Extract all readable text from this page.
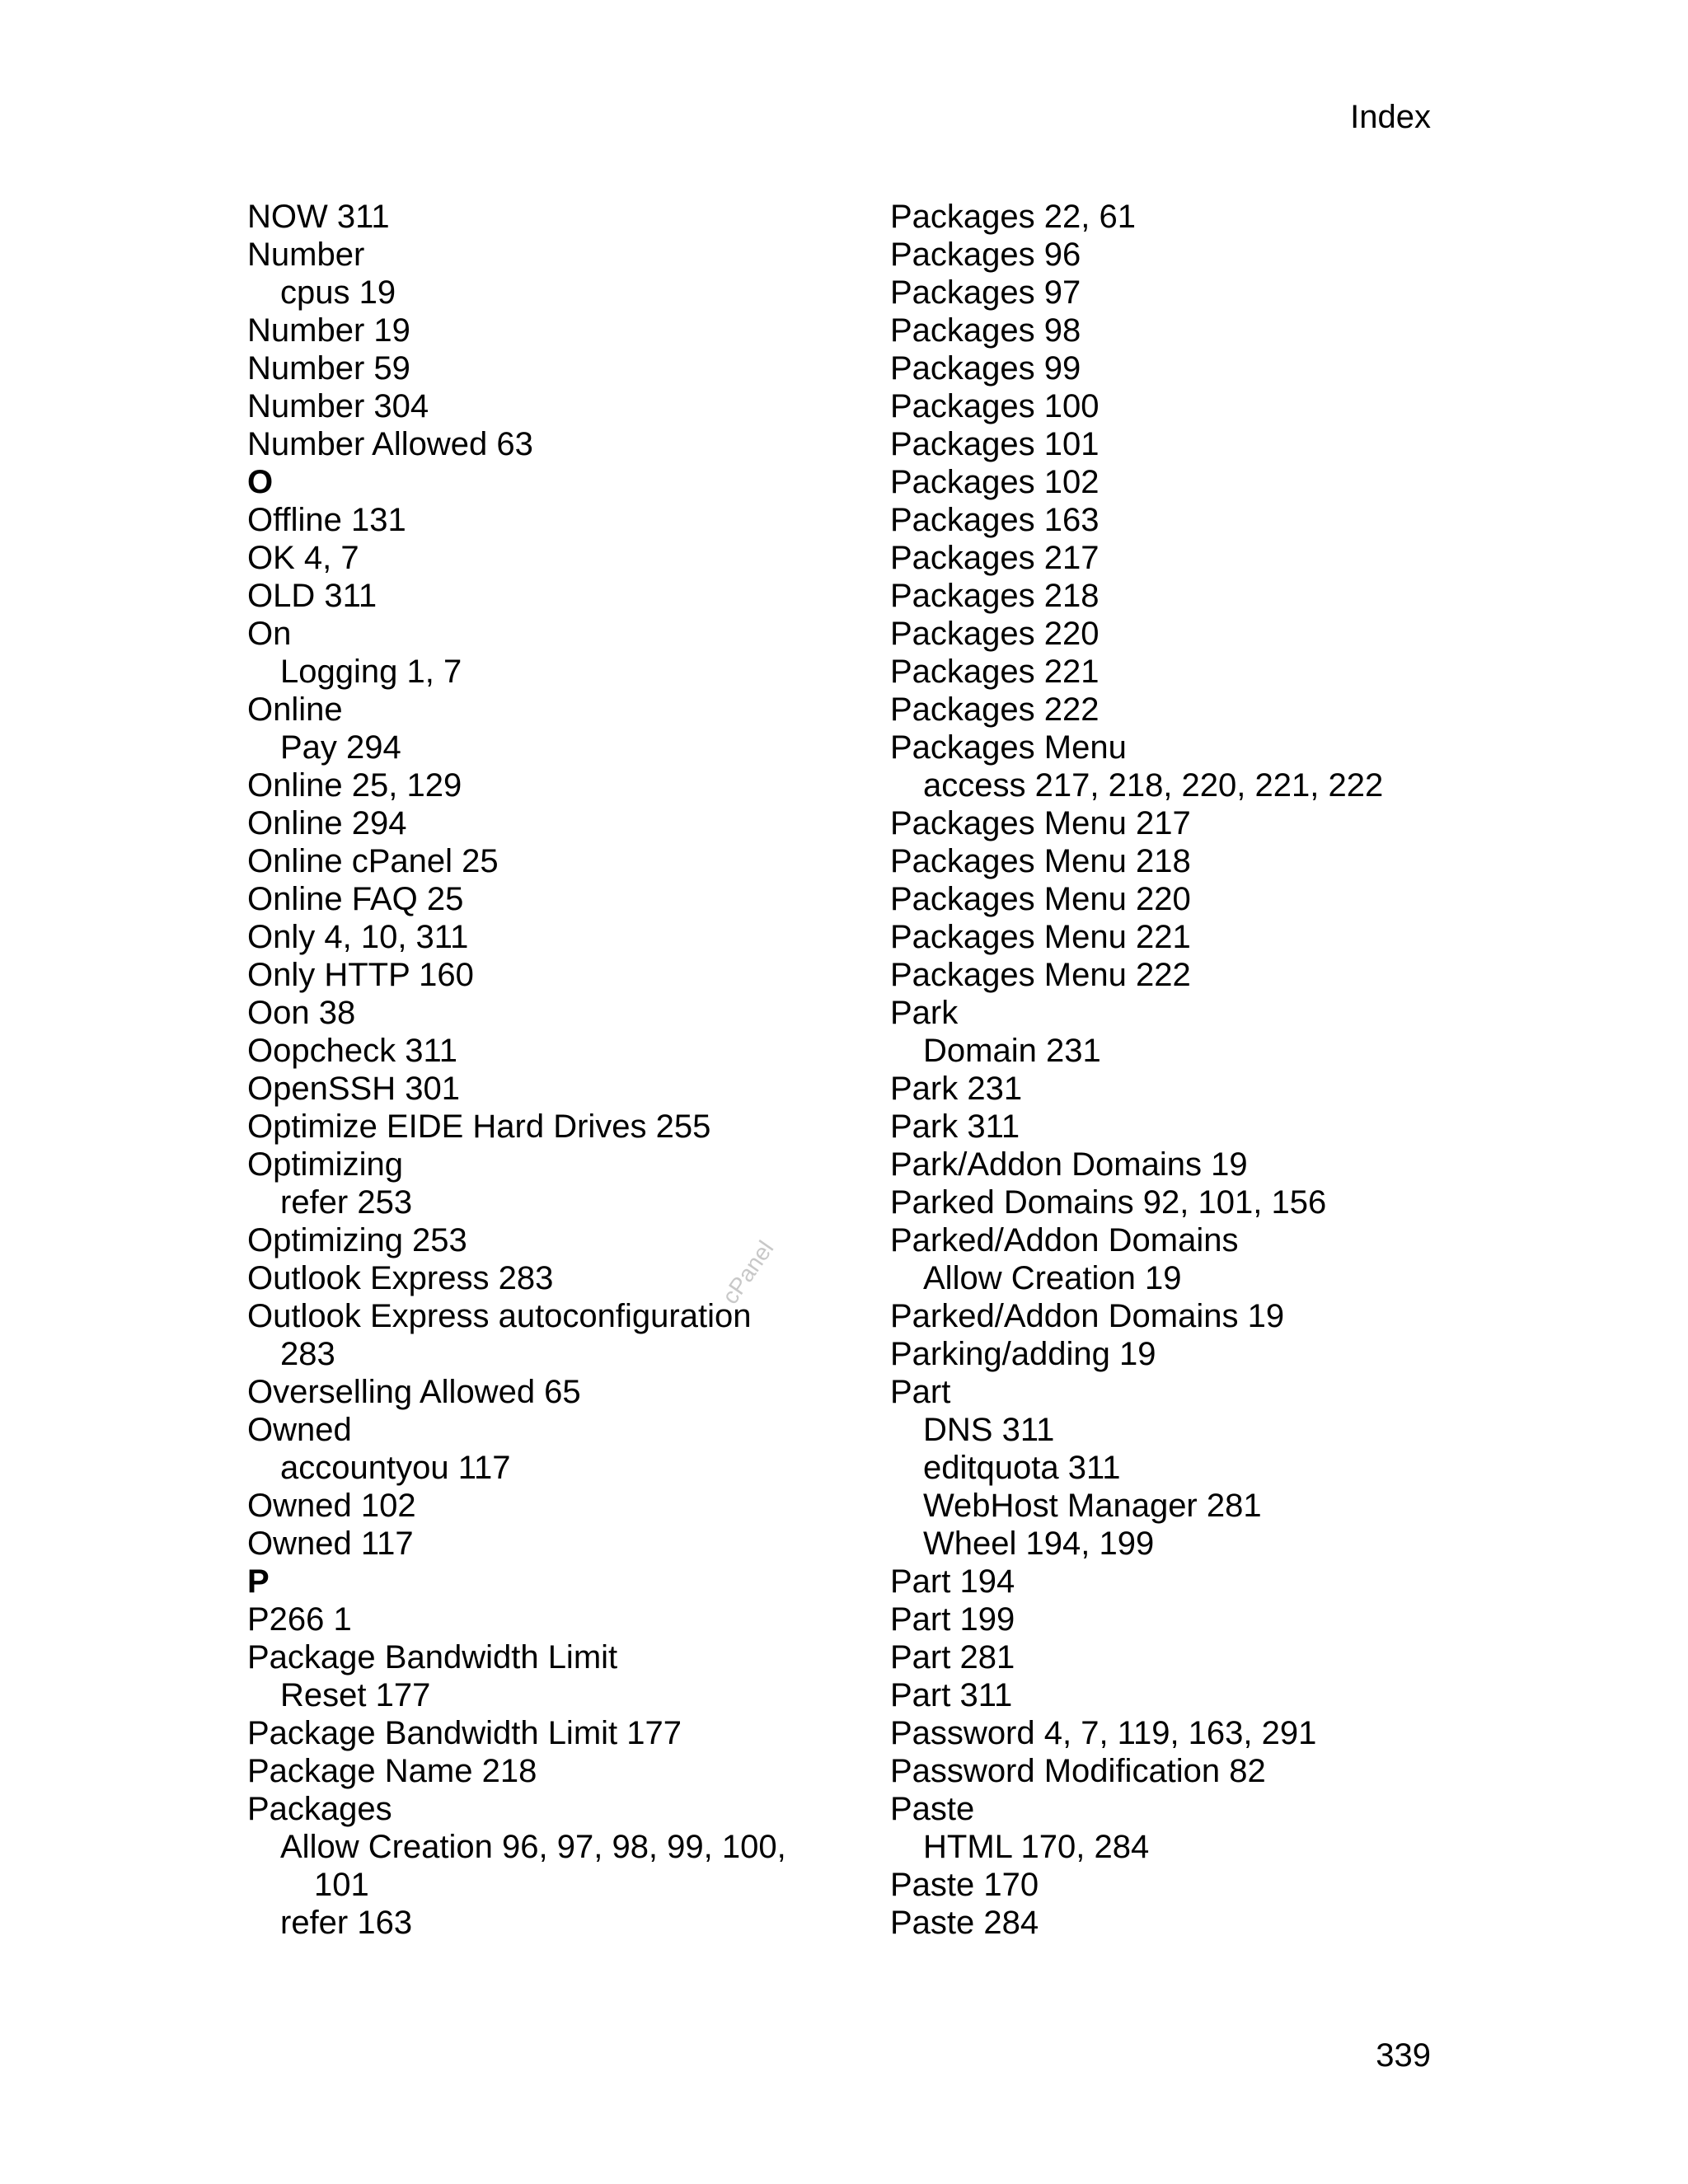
Index
NOW 311
Number
cpus 19
Number 19
Number 59
Number 304
Number Allowed 63
O
Offline 131
OK 4, 7
OLD 311
On
Logging 1, 7
Online
Pay 294
Online 25, 129
Online 294
Online cPanel 25
Online FAQ 25
Only 4, 10, 311
Only HTTP 160
Oon 38
Oopcheck 311
OpenSSH 301
Optimize EIDE Hard Drives 255
Optimizing
refer 253
Optimizing 253
Outlook Express 283
Outlook Express autoconfiguration
283
Overselling Allowed 65
Owned
accountyou 117
Owned 102
Owned 117
P
P266 1
Package Bandwidth Limit
Reset 177
Package Bandwidth Limit 177
Package Name 218
Packages
Allow Creation 96, 97, 98, 99, 100,
101
refer 163
Packages 22, 61
Packages 96
Packages 97
Packages 98
Packages 99
Packages 100
Packages 101
Packages 102
Packages 163
Packages 217
Packages 218
Packages 220
Packages 221
Packages 222
Packages Menu
access 217, 218, 220, 221, 222
Packages Menu 217
Packages Menu 218
Packages Menu 220
Packages Menu 221
Packages Menu 222
Park
Domain 231
Park 231
Park 311
Park/Addon Domains 19
Parked Domains 92, 101, 156
Parked/Addon Domains
Allow Creation 19
Parked/Addon Domains 19
Parking/adding 19
Part
DNS 311
editquota 311
WebHost Manager 281
Wheel 194, 199
Part 194
Part 199
Part 281
Part 311
Password 4, 7, 119, 163, 291
Password Modification 82
Paste
HTML 170, 284
Paste 170
Paste 284
cPanel
339
